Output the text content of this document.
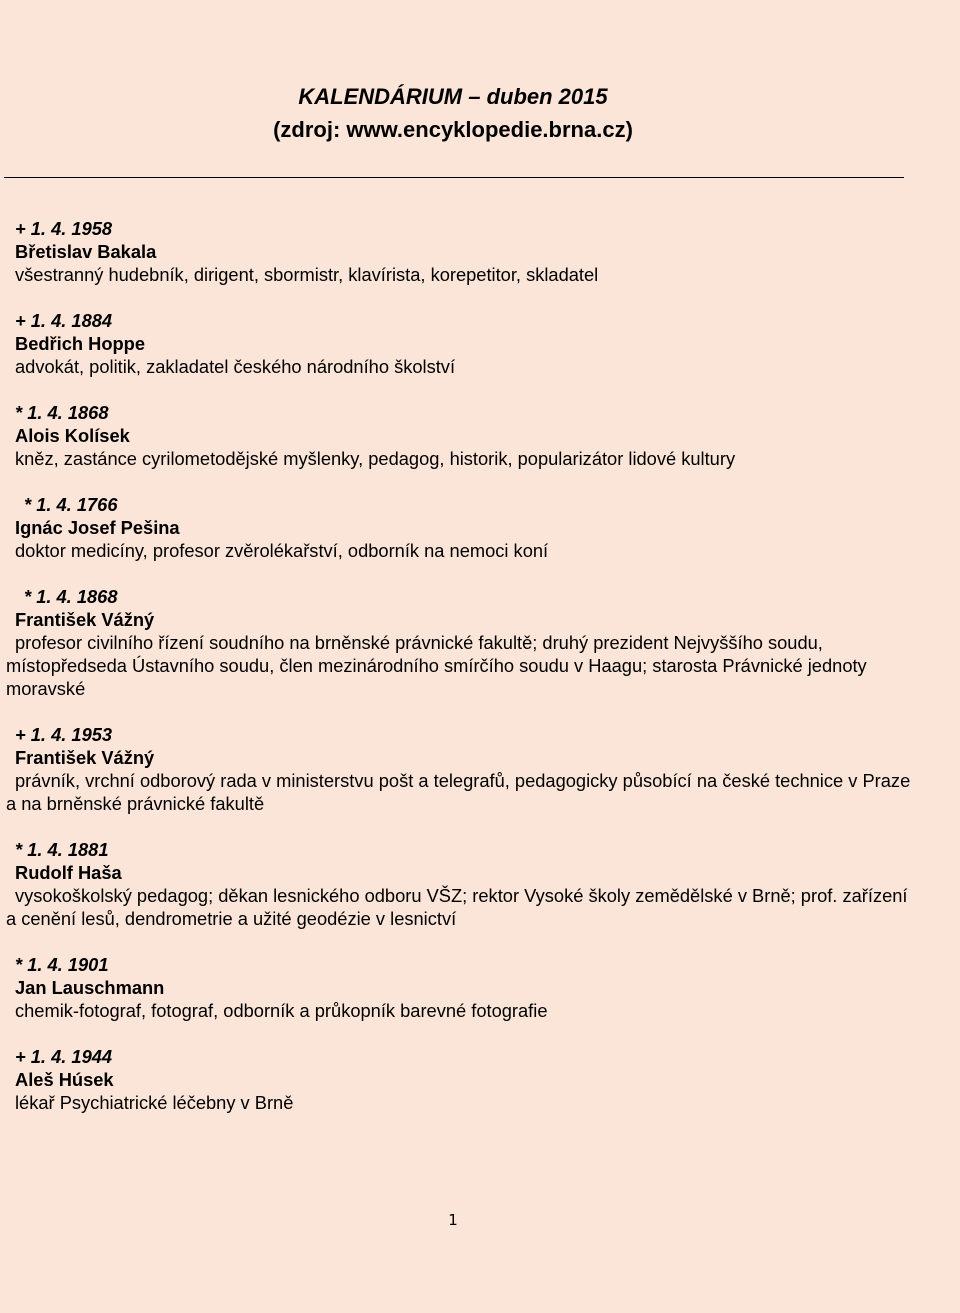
KALENDÁRIUM – duben 2015
(zdroj: www.encyklopedie.brna.cz)
+ 1. 4. 1958
Břetislav Bakala
všestranný hudebník, dirigent, sbormistr, klavírista, korepetitor, skladatel
+ 1. 4. 1884
Bedřich Hoppe
advokát, politik, zakladatel českého národního školství
* 1. 4. 1868
Alois Kolísek
kněz, zastánce cyrilometodějské myšlenky, pedagog, historik, popularizátor lidové kultury
* 1. 4. 1766
Ignác Josef Pešina
doktor medicíny, profesor zvěrolékařství, odborník na nemoci koní
* 1. 4. 1868
František Vážný
profesor civilního řízení soudního na brněnské právnické fakultě; druhý prezident Nejvyššího soudu, místopředseda Ústavního soudu, člen mezinárodního smírčího soudu v Haagu; starosta Právnické jednoty moravské
+ 1. 4. 1953
František Vážný
právník, vrchní odborový rada v ministerstvu pošt a telegrafů, pedagogicky působící na české technice v Praze a na brněnské právnické fakultě
* 1. 4. 1881
Rudolf Haša
vysokoškolský pedagog; děkan lesnického odboru VŠZ; rektor Vysoké školy zemědělské v Brně; prof. zařízení a cenění lesů, dendrometrie a užité geodézie v lesnictví
* 1. 4. 1901
Jan Lauschmann
chemik-fotograf, fotograf, odborník a průkopník barevné fotografie
+ 1. 4. 1944
Aleš Húsek
lékař Psychiatrické léčebny v Brně
1
